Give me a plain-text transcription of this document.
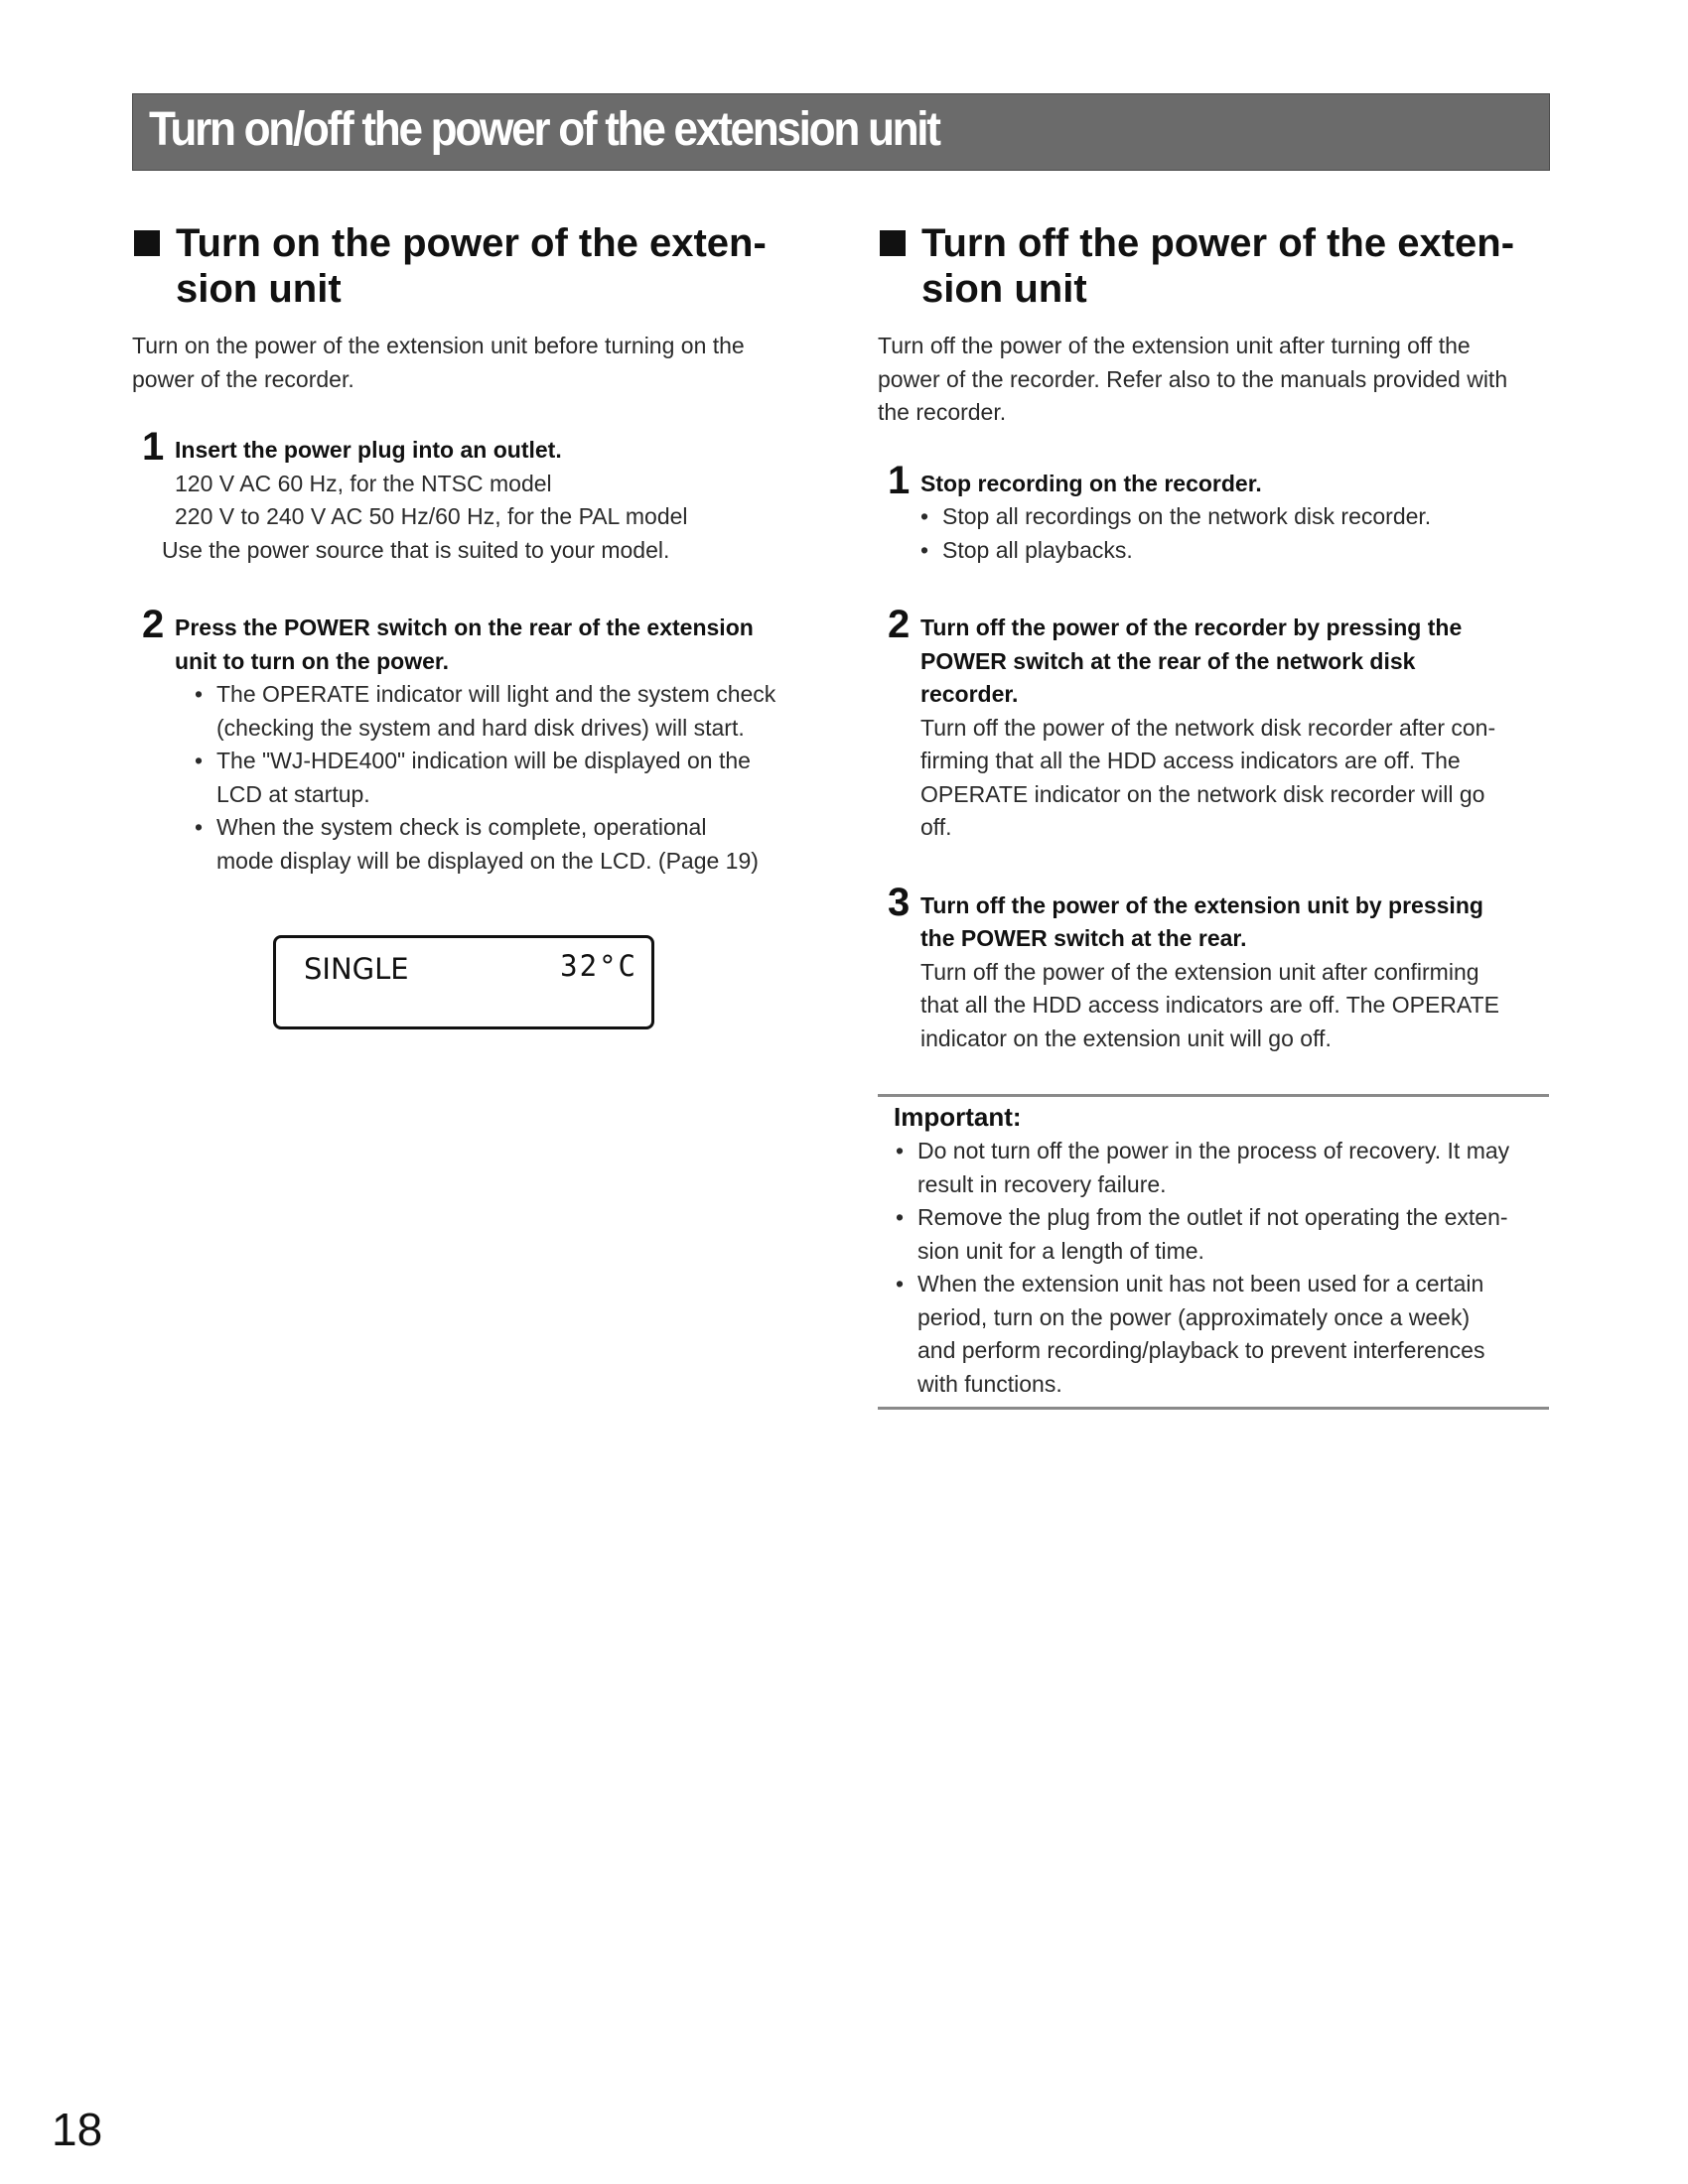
Turn on/off the power of the extension unit
Turn on the power of the exten-
sion unit
Turn on the power of the extension unit before turning on the
power of the recorder.
1 Insert the power plug into an outlet.
120 V AC 60 Hz, for the NTSC model
220 V to 240 V AC 50 Hz/60 Hz, for the PAL model
Use the power source that is suited to your model.
2 Press the POWER switch on the rear of the extension
unit to turn on the power.
• The OPERATE indicator will light and the system check
(checking the system and hard disk drives) will start.
• The "WJ-HDE400" indication will be displayed on the
LCD at startup.
• When the system check is complete, operational
mode display will be displayed on the LCD. (Page 19)
SINGLE	32°C
Turn off the power of the exten-
sion unit
Turn off the power of the extension unit after turning off the
power of the recorder. Refer also to the manuals provided with
the recorder.
1 Stop recording on the recorder.
• Stop all recordings on the network disk recorder.
• Stop all playbacks.
2 Turn off the power of the recorder by pressing the
POWER switch at the rear of the network disk
recorder.
Turn off the power of the network disk recorder after con-
firming that all the HDD access indicators are off. The
OPERATE indicator on the network disk recorder will go
off.
3 Turn off the power of the extension unit by pressing
the POWER switch at the rear.
Turn off the power of the extension unit after confirming
that all the HDD access indicators are off. The OPERATE
indicator on the extension unit will go off.
Important:
• Do not turn off the power in the process of recovery. It may
result in recovery failure.
• Remove the plug from the outlet if not operating the exten-
sion unit for a length of time.
• When the extension unit has not been used for a certain
period, turn on the power (approximately once a week)
and perform recording/playback to prevent interferences
with functions.
18
